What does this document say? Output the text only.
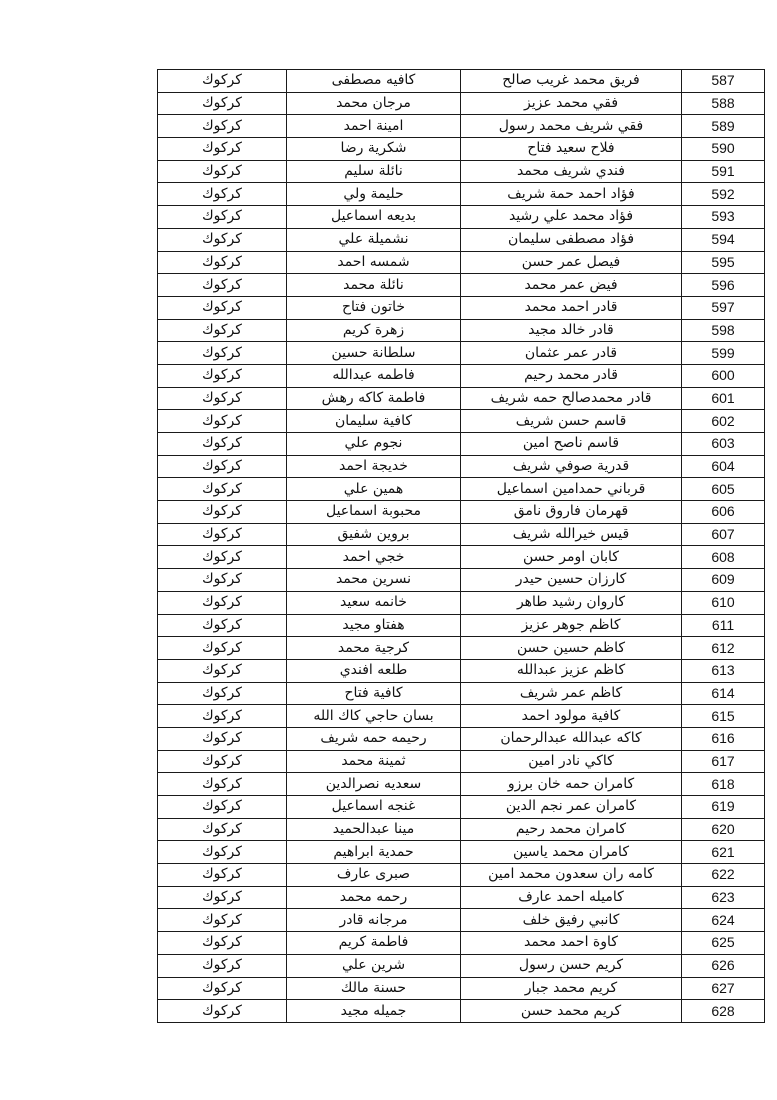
587	فريق محمد غريب صالح	كافيه مصطفى	كركوك
588	فقي محمد عزيز	مرجان محمد	كركوك
589	فقي شريف محمد رسول	امينة احمد	كركوك
590	فلاح سعيد فتاح	شكرية رضا	كركوك
591	فندي شريف محمد	نائلة سليم	كركوك
592	فؤاد احمد حمة شريف	حليمة ولي	كركوك
593	فؤاد محمد علي رشيد	بديعه اسماعيل	كركوك
594	فؤاد مصطفى سليمان	نشميلة علي	كركوك
595	فيصل عمر حسن	شمسه احمد	كركوك
596	فيض عمر محمد	نائلة محمد	كركوك
597	قادر احمد محمد	خاتون فتاح	كركوك
598	قادر خالد مجيد	زهرة كريم	كركوك
599	قادر عمر عثمان	سلطانة حسين	كركوك
600	قادر محمد رحيم	فاطمه عبدالله	كركوك
601	قادر محمدصالح حمه شريف	فاطمة كاكه رهش	كركوك
602	قاسم حسن شريف	كافية سليمان	كركوك
603	قاسم ناصح امين	نجوم علي	كركوك
604	قدرية صوفي شريف	خديجة احمد	كركوك
605	قرباني حمدامين اسماعيل	همين علي	كركوك
606	قهرمان فاروق نامق	محبوبة اسماعيل	كركوك
607	قيس خيرالله شريف	بروين شفيق	كركوك
608	كابان اومر حسن	خجي احمد	كركوك
609	كارزان حسين حيدر	نسرين محمد	كركوك
610	كاروان رشيد طاهر	خانمه سعيد	كركوك
611	كاظم جوهر عزيز	هفتاو مجيد	كركوك
612	كاظم حسين حسن	كرجية محمد	كركوك
613	كاظم عزيز عبدالله	طلعه افندي	كركوك
614	كاظم عمر شريف	كافية فتاح	كركوك
615	كافية مولود احمد	بسان حاجي كاك الله	كركوك
616	كاكه عبدالله عبدالرحمان	رحيمه حمه شريف	كركوك
617	كاكي نادر امين	ثمينة محمد	كركوك
618	كامران حمه خان برزو	سعديه نصرالدين	كركوك
619	كامران عمر نجم الدين	غنجه اسماعيل	كركوك
620	كامران محمد رحيم	مينا عبدالحميد	كركوك
621	كامران محمد ياسين	حمدية ابراهيم	كركوك
622	كامه ران سعدون محمد امين	صبرى عارف	كركوك
623	كاميله احمد عارف	رحمه محمد	كركوك
624	كانبي رفيق خلف	مرجانه قادر	كركوك
625	كاوة احمد محمد	فاطمة كريم	كركوك
626	كريم حسن رسول	شرين علي	كركوك
627	كريم محمد جبار	حسنة مالك	كركوك
628	كريم محمد حسن	جميله مجيد	كركوك
